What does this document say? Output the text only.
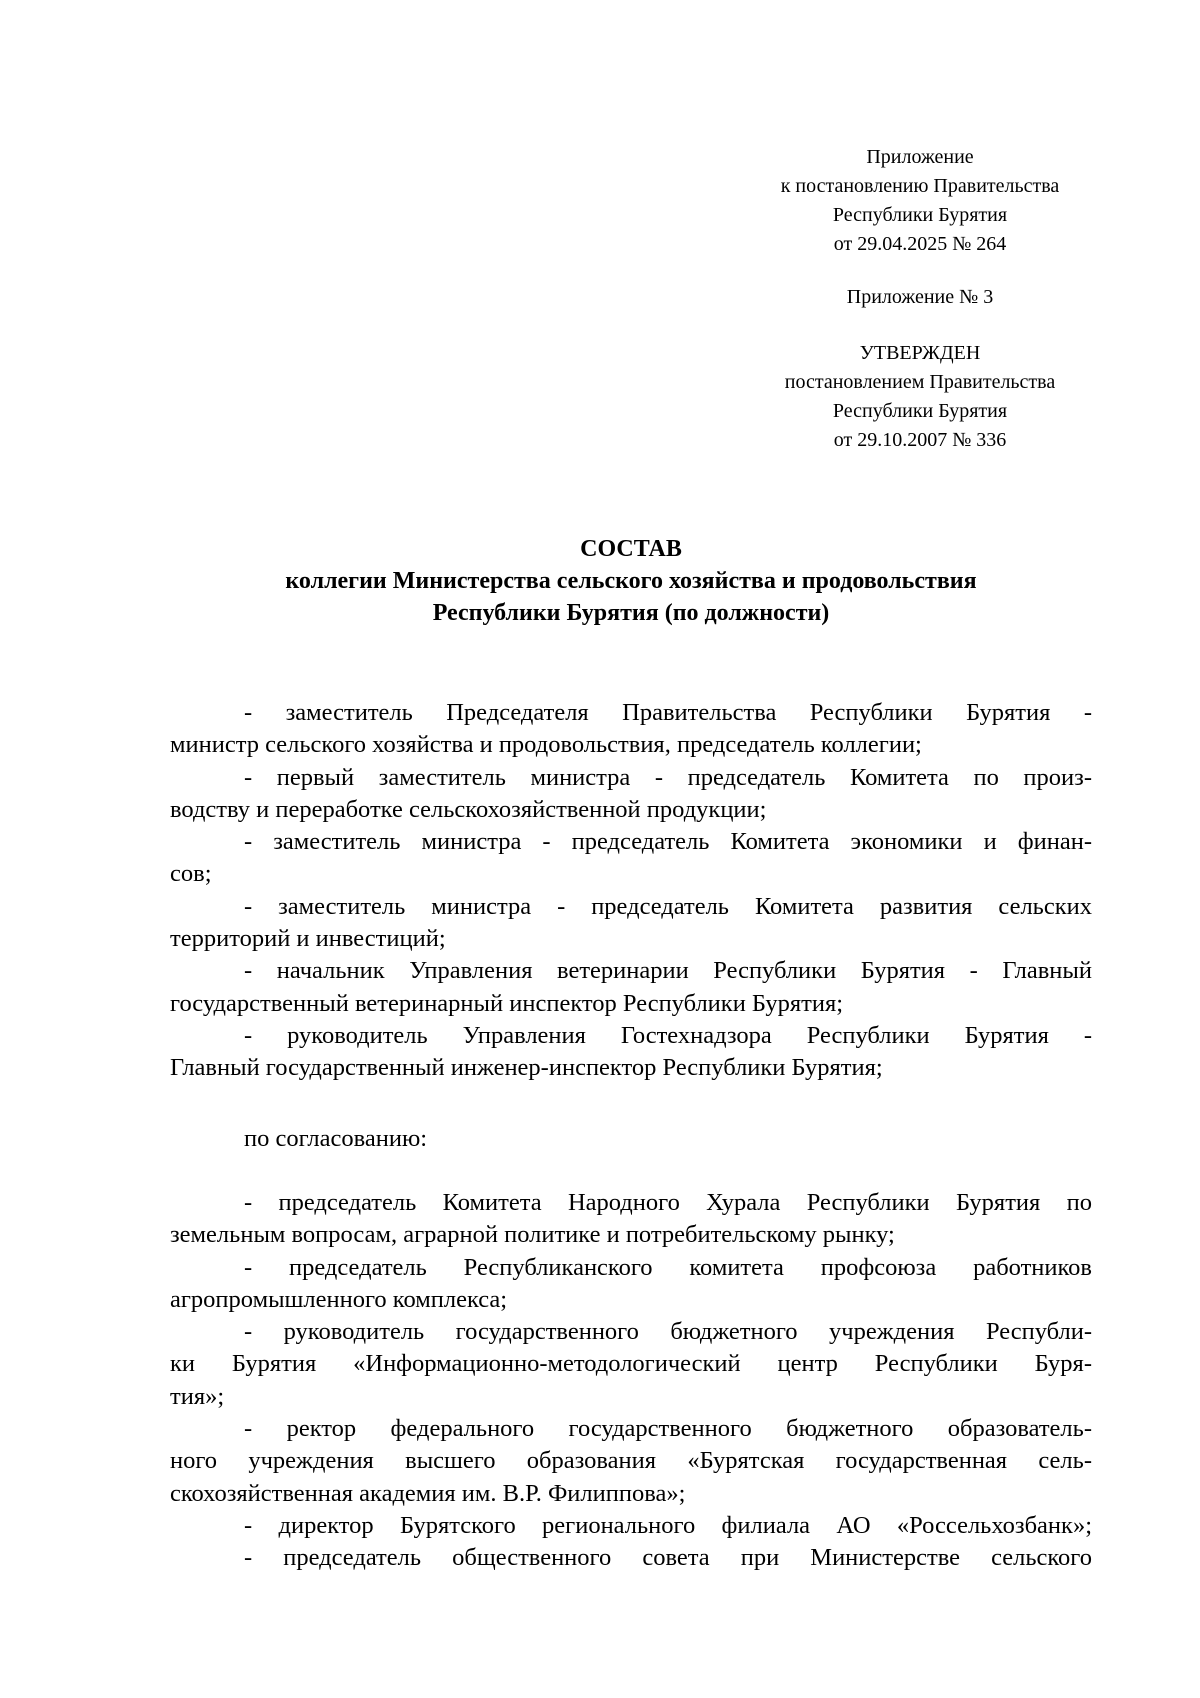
Приложение
к постановлению Правительства
Республики Бурятия
от 29.04.2025 № 264
Приложение № 3
УТВЕРЖДЕН
постановлением Правительства
Республики Бурятия
от 29.10.2007 № 336
СОСТАВ
коллегии Министерства сельского хозяйства и продовольствия
Республики Бурятия (по должности)
- заместитель Председателя Правительства Республики Бурятия -
министр сельского хозяйства и продовольствия, председатель коллегии;
- первый заместитель министра - председатель Комитета по произ-
водству и переработке сельскохозяйственной продукции;
- заместитель министра - председатель Комитета экономики и финан-
сов;
- заместитель министра - председатель Комитета развития сельских
территорий и инвестиций;
- начальник Управления ветеринарии Республики Бурятия - Главный
государственный ветеринарный инспектор Республики Бурятия;
- руководитель Управления Гостехнадзора Республики Бурятия -
Главный государственный инженер-инспектор Республики Бурятия;
по согласованию:
- председатель Комитета Народного Хурала Республики Бурятия по
земельным вопросам, аграрной политике и потребительскому рынку;
- председатель Республиканского комитета профсоюза работников
агропромышленного комплекса;
- руководитель государственного бюджетного учреждения Республи-
ки Бурятия «Информационно-методологический центр Республики Буря-
тия»;
- ректор федерального государственного бюджетного образователь-
ного учреждения высшего образования «Бурятская государственная сель-
скохозяйственная академия им. В.Р. Филиппова»;
- директор Бурятского регионального филиала АО «Россельхозбанк»;
- председатель общественного совета при Министерстве сельского
